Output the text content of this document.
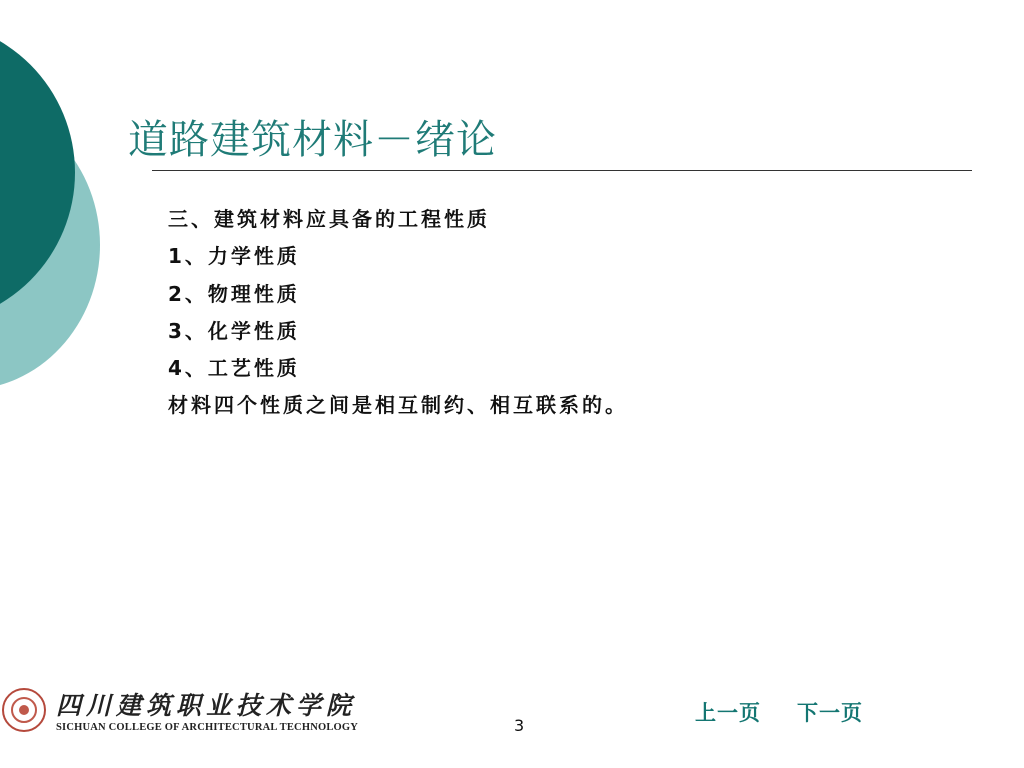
道路建筑材料－绪论
三、建筑材料应具备的工程性质
1、力学性质
2、物理性质
3、化学性质
4、工艺性质
材料四个性质之间是相互制约、相互联系的。
四川建筑职业技术学院
SICHUAN COLLEGE OF ARCHITECTURAL TECHNOLOGY	3
上一页 下一页
